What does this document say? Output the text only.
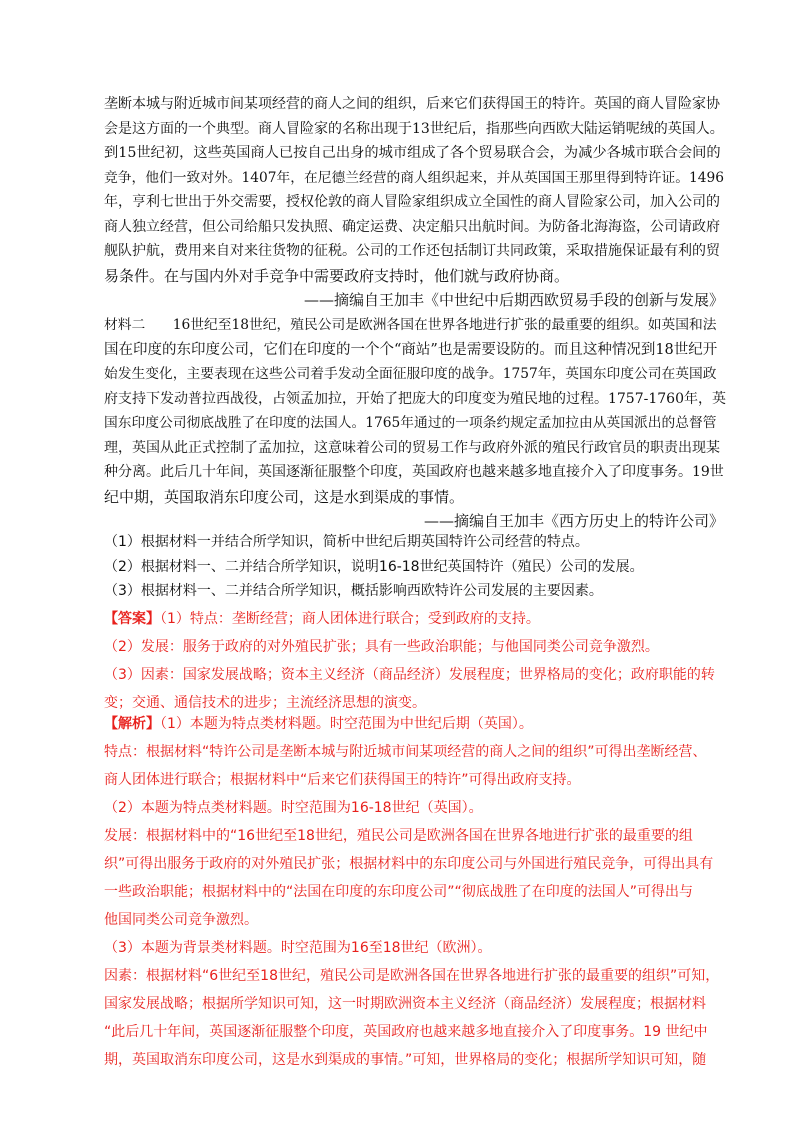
垄断本城与附近城市间某项经营的商人之间的组织，后来它们获得国王的特许。英国的商人冒险家协
会是这方面的一个典型。商人冒险家的名称出现于13世纪后，指那些向西欧大陆运销呢绒的英国人。
到15世纪初，这些英国商人已按自己出身的城市组成了各个贸易联合会，为减少各城市联合会间的
竞争，他们一致对外。1407年，在尼德兰经营的商人组织起来，并从英国国王那里得到特许证。1496
年，亨利七世出于外交需要，授权伦敦的商人冒险家组织成立全国性的商人冒险家公司，加入公司的
商人独立经营，但公司给船只发执照、确定运费、决定船只出航时间。为防备北海海盗，公司请政府
舰队护航，费用来自对来往货物的征税。公司的工作还包括制订共同政策，采取措施保证最有利的贸
易条件。在与国内外对手竞争中需要政府支持时，他们就与政府协商。
——摘编自王加丰《中世纪中后期西欧贸易手段的创新与发展》
材料二　　16世纪至18世纪，殖民公司是欧洲各国在世界各地进行扩张的最重要的组织。如英国和法
国在印度的东印度公司，它们在印度的一个个“商站”也是需要设防的。而且这种情况到18世纪开
始发生变化，主要表现在这些公司着手发动全面征服印度的战争。1757年，英国东印度公司在英国政
府支持下发动普拉西战役，占领孟加拉，开始了把庞大的印度变为殖民地的过程。1757-1760年，英
国东印度公司彻底战胜了在印度的法国人。1765年通过的一项条约规定孟加拉由从英国派出的总督管
理，英国从此正式控制了孟加拉，这意味着公司的贸易工作与政府外派的殖民行政官员的职责出现某
种分离。此后几十年间，英国逐渐征服整个印度，英国政府也越来越多地直接介入了印度事务。19世
纪中期，英国取消东印度公司，这是水到渠成的事情。
——摘编自王加丰《西方历史上的特许公司》
（1）根据材料一并结合所学知识，简析中世纪后期英国特许公司经营的特点。
（2）根据材料一、二并结合所学知识，说明16-18世纪英国特许（殖民）公司的发展。
（3）根据材料一、二并结合所学知识，概括影响西欧特许公司发展的主要因素。
【答案】（1）特点：垄断经营；商人团体进行联合；受到政府的支持。
（2）发展：服务于政府的对外殖民扩张；具有一些政治职能；与他国同类公司竞争激烈。
（3）因素：国家发展战略；资本主义经济（商品经济）发展程度；世界格局的变化；政府职能的转
变；交通、通信技术的进步；主流经济思想的演变。
【解析】（1）本题为特点类材料题。时空范围为中世纪后期（英国）。
特点：根据材料“特许公司是垄断本城与附近城市间某项经营的商人之间的组织”可得出垄断经营、
商人团体进行联合；根据材料中“后来它们获得国王的特许”可得出政府支持。
（2）本题为特点类材料题。时空范围为16-18世纪（英国）。
发展：根据材料中的“16世纪至18世纪，殖民公司是欧洲各国在世界各地进行扩张的最重要的组
织”可得出服务于政府的对外殖民扩张；根据材料中的东印度公司与外国进行殖民竞争，可得出具有
一些政治职能；根据材料中的“法国在印度的东印度公司”“彻底战胜了在印度的法国人”可得出与
他国同类公司竞争激烈。
（3）本题为背景类材料题。时空范围为16至18世纪（欧洲）。
因素：根据材料“6世纪至18世纪，殖民公司是欧洲各国在世界各地进行扩张的最重要的组织”可知，
国家发展战略；根据所学知识可知，这一时期欧洲资本主义经济（商品经济）发展程度；根据材料
“此后几十年间，英国逐渐征服整个印度，英国政府也越来越多地直接介入了印度事务。19 世纪中
期，英国取消东印度公司，这是水到渠成的事情。”可知，世界格局的变化；根据所学知识可知，随
